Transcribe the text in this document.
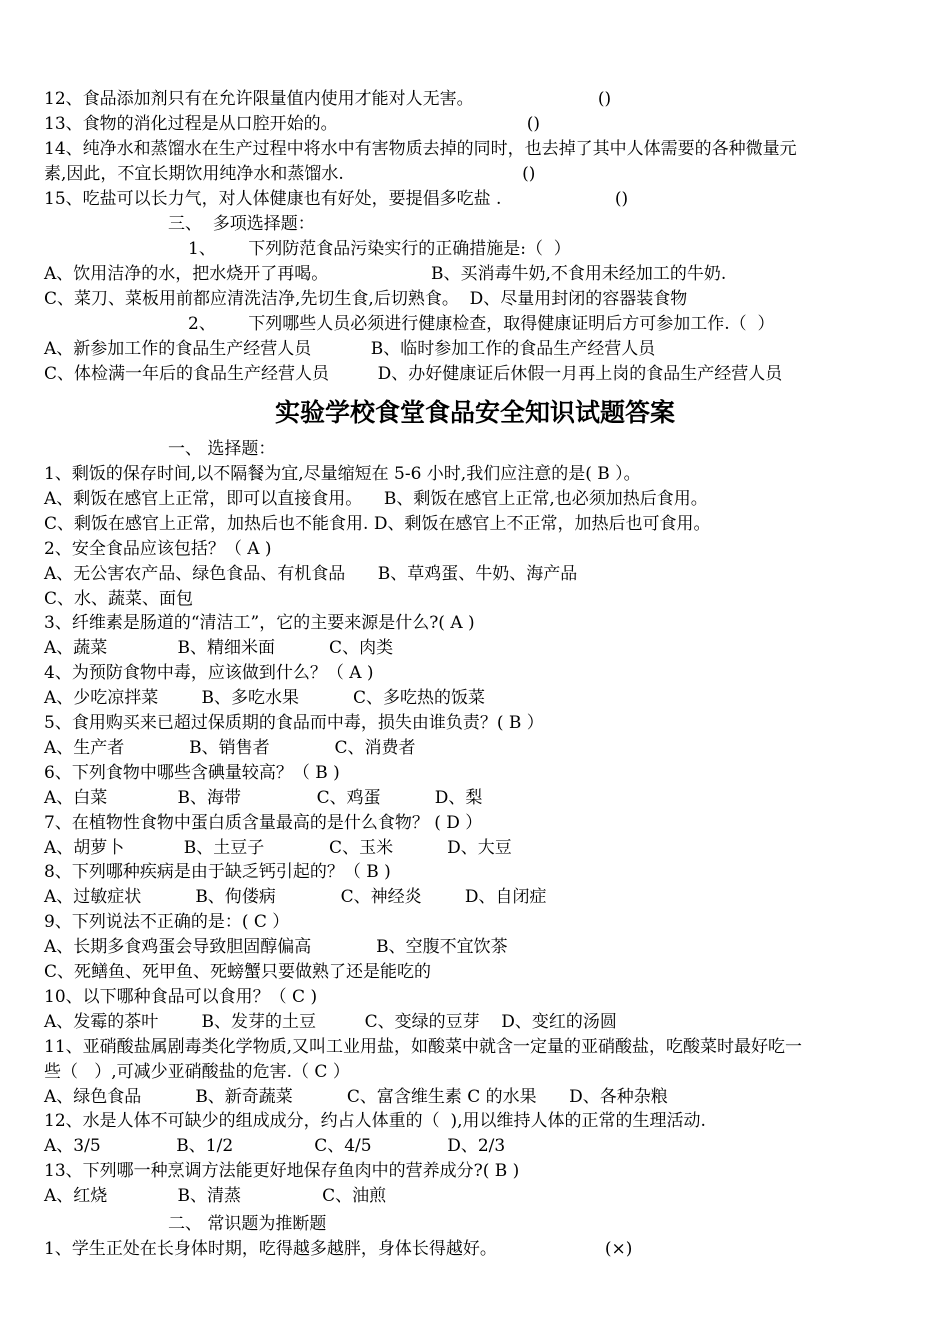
12、食品添加剂只有在允许限量值内使用才能对人无害。                       ()
13、食物的消化过程是从口腔开始的。                                   ()
14、纯净水和蒸馏水在生产过程中将水中有害物质去掉的同时，也去掉了其中人体需要的各种微量元
素,因此，不宜长期饮用纯净水和蒸馏水.                                 ()
15、吃盐可以长力气，对人体健康也有好处，要提倡多吃盐 .                     ()
三、  多项选择题：
1、      下列防范食品污染实行的正确措施是:（  ）
A、饮用洁净的水，把水烧开了再喝。                   B、买消毒牛奶,不食用未经加工的牛奶.
C、菜刀、菜板用前都应清洗洁净,先切生食,后切熟食。  D、尽量用封闭的容器装食物
2、      下列哪些人员必须进行健康检查，取得健康证明后方可参加工作.（  ）
A、新参加工作的食品生产经营人员           B、临时参加工作的食品生产经营人员
C、体检满一年后的食品生产经营人员         D、办好健康证后休假一月再上岗的食品生产经营人员
实验学校食堂食品安全知识试题答案
一、 选择题：
1、剩饭的保存时间,以不隔餐为宜,尽量缩短在 5-6 小时,我们应注意的是( B ）。
A、剩饭在感官上正常，即可以直接食用。    B、剩饭在感官上正常,也必须加热后食用。
C、剩饭在感官上正常，加热后也不能食用. D、剩饭在感官上不正常，加热后也可食用。
2、安全食品应该包括？（ A )
A、无公害农产品、绿色食品、有机食品      B、草鸡蛋、牛奶、海产品
C、水、蔬菜、面包
3、纤维素是肠道的“清洁工”，它的主要来源是什么?( A )
A、蔬菜             B、精细米面          C、肉类
4、为预防食物中毒，应该做到什么？（ A )
A、少吃凉拌菜        B、多吃水果          C、多吃热的饭菜
5、食用购买来已超过保质期的食品而中毒，损失由谁负责？( B ）
A、生产者            B、销售者            C、消费者
6、下列食物中哪些含碘量较高？（ B )
A、白菜             B、海带              C、鸡蛋          D、梨
7、在植物性食物中蛋白质含量最高的是什么食物？ ( D ）
A、胡萝卜           B、土豆子            C、玉米          D、大豆
8、下列哪种疾病是由于缺乏钙引起的？（ B )
A、过敏症状          B、佝偻病            C、神经炎        D、自闭症
9、下列说法不正确的是：( C ）
A、长期多食鸡蛋会导致胆固醇偏高            B、空腹不宜饮茶
C、死鳝鱼、死甲鱼、死螃蟹只要做熟了还是能吃的
10、以下哪种食品可以食用？（ C )
A、发霉的茶叶        B、发芽的土豆         C、变绿的豆芽    D、变红的汤圆
11、亚硝酸盐属剧毒类化学物质,又叫工业用盐，如酸菜中就含一定量的亚硝酸盐，吃酸菜时最好吃一
些（   ）,可减少亚硝酸盐的危害.（ C ）
A、绿色食品          B、新奇蔬菜          C、富含维生素 C 的水果      D、各种杂粮
12、水是人体不可缺少的组成成分，约占人体重的（  ),用以维持人体的正常的生理活动.
A、3/5              B、1/2               C、4/5              D、2/3
13、下列哪一种烹调方法能更好地保存鱼肉中的营养成分?( B )
A、红烧             B、清蒸               C、油煎
二、 常识题为推断题
1、学生正处在长身体时期，吃得越多越胖，身体长得越好。                    (×)
